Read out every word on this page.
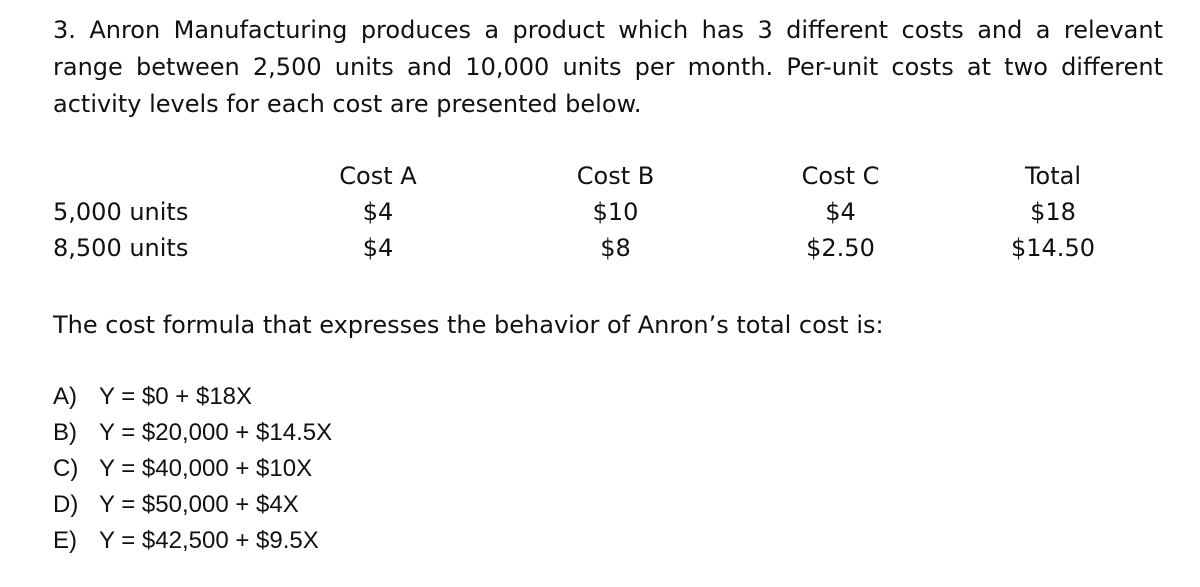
3. Anron Manufacturing produces a product which has 3 different costs and a relevant range between 2,500 units and 10,000 units per month. Per-unit costs at two different activity levels for each cost are presented below.

	Cost A	Cost B	Cost C	Total
5,000 units	$4	$10	$4	$18
8,500 units	$4	$8	$2.50	$14.50

The cost formula that expresses the behavior of Anron’s total cost is:

A) Y = $0 + $18X
B) Y = $20,000 + $14.5X
C) Y = $40,000 + $10X
D) Y = $50,000 + $4X
E) Y = $42,500 + $9.5X
